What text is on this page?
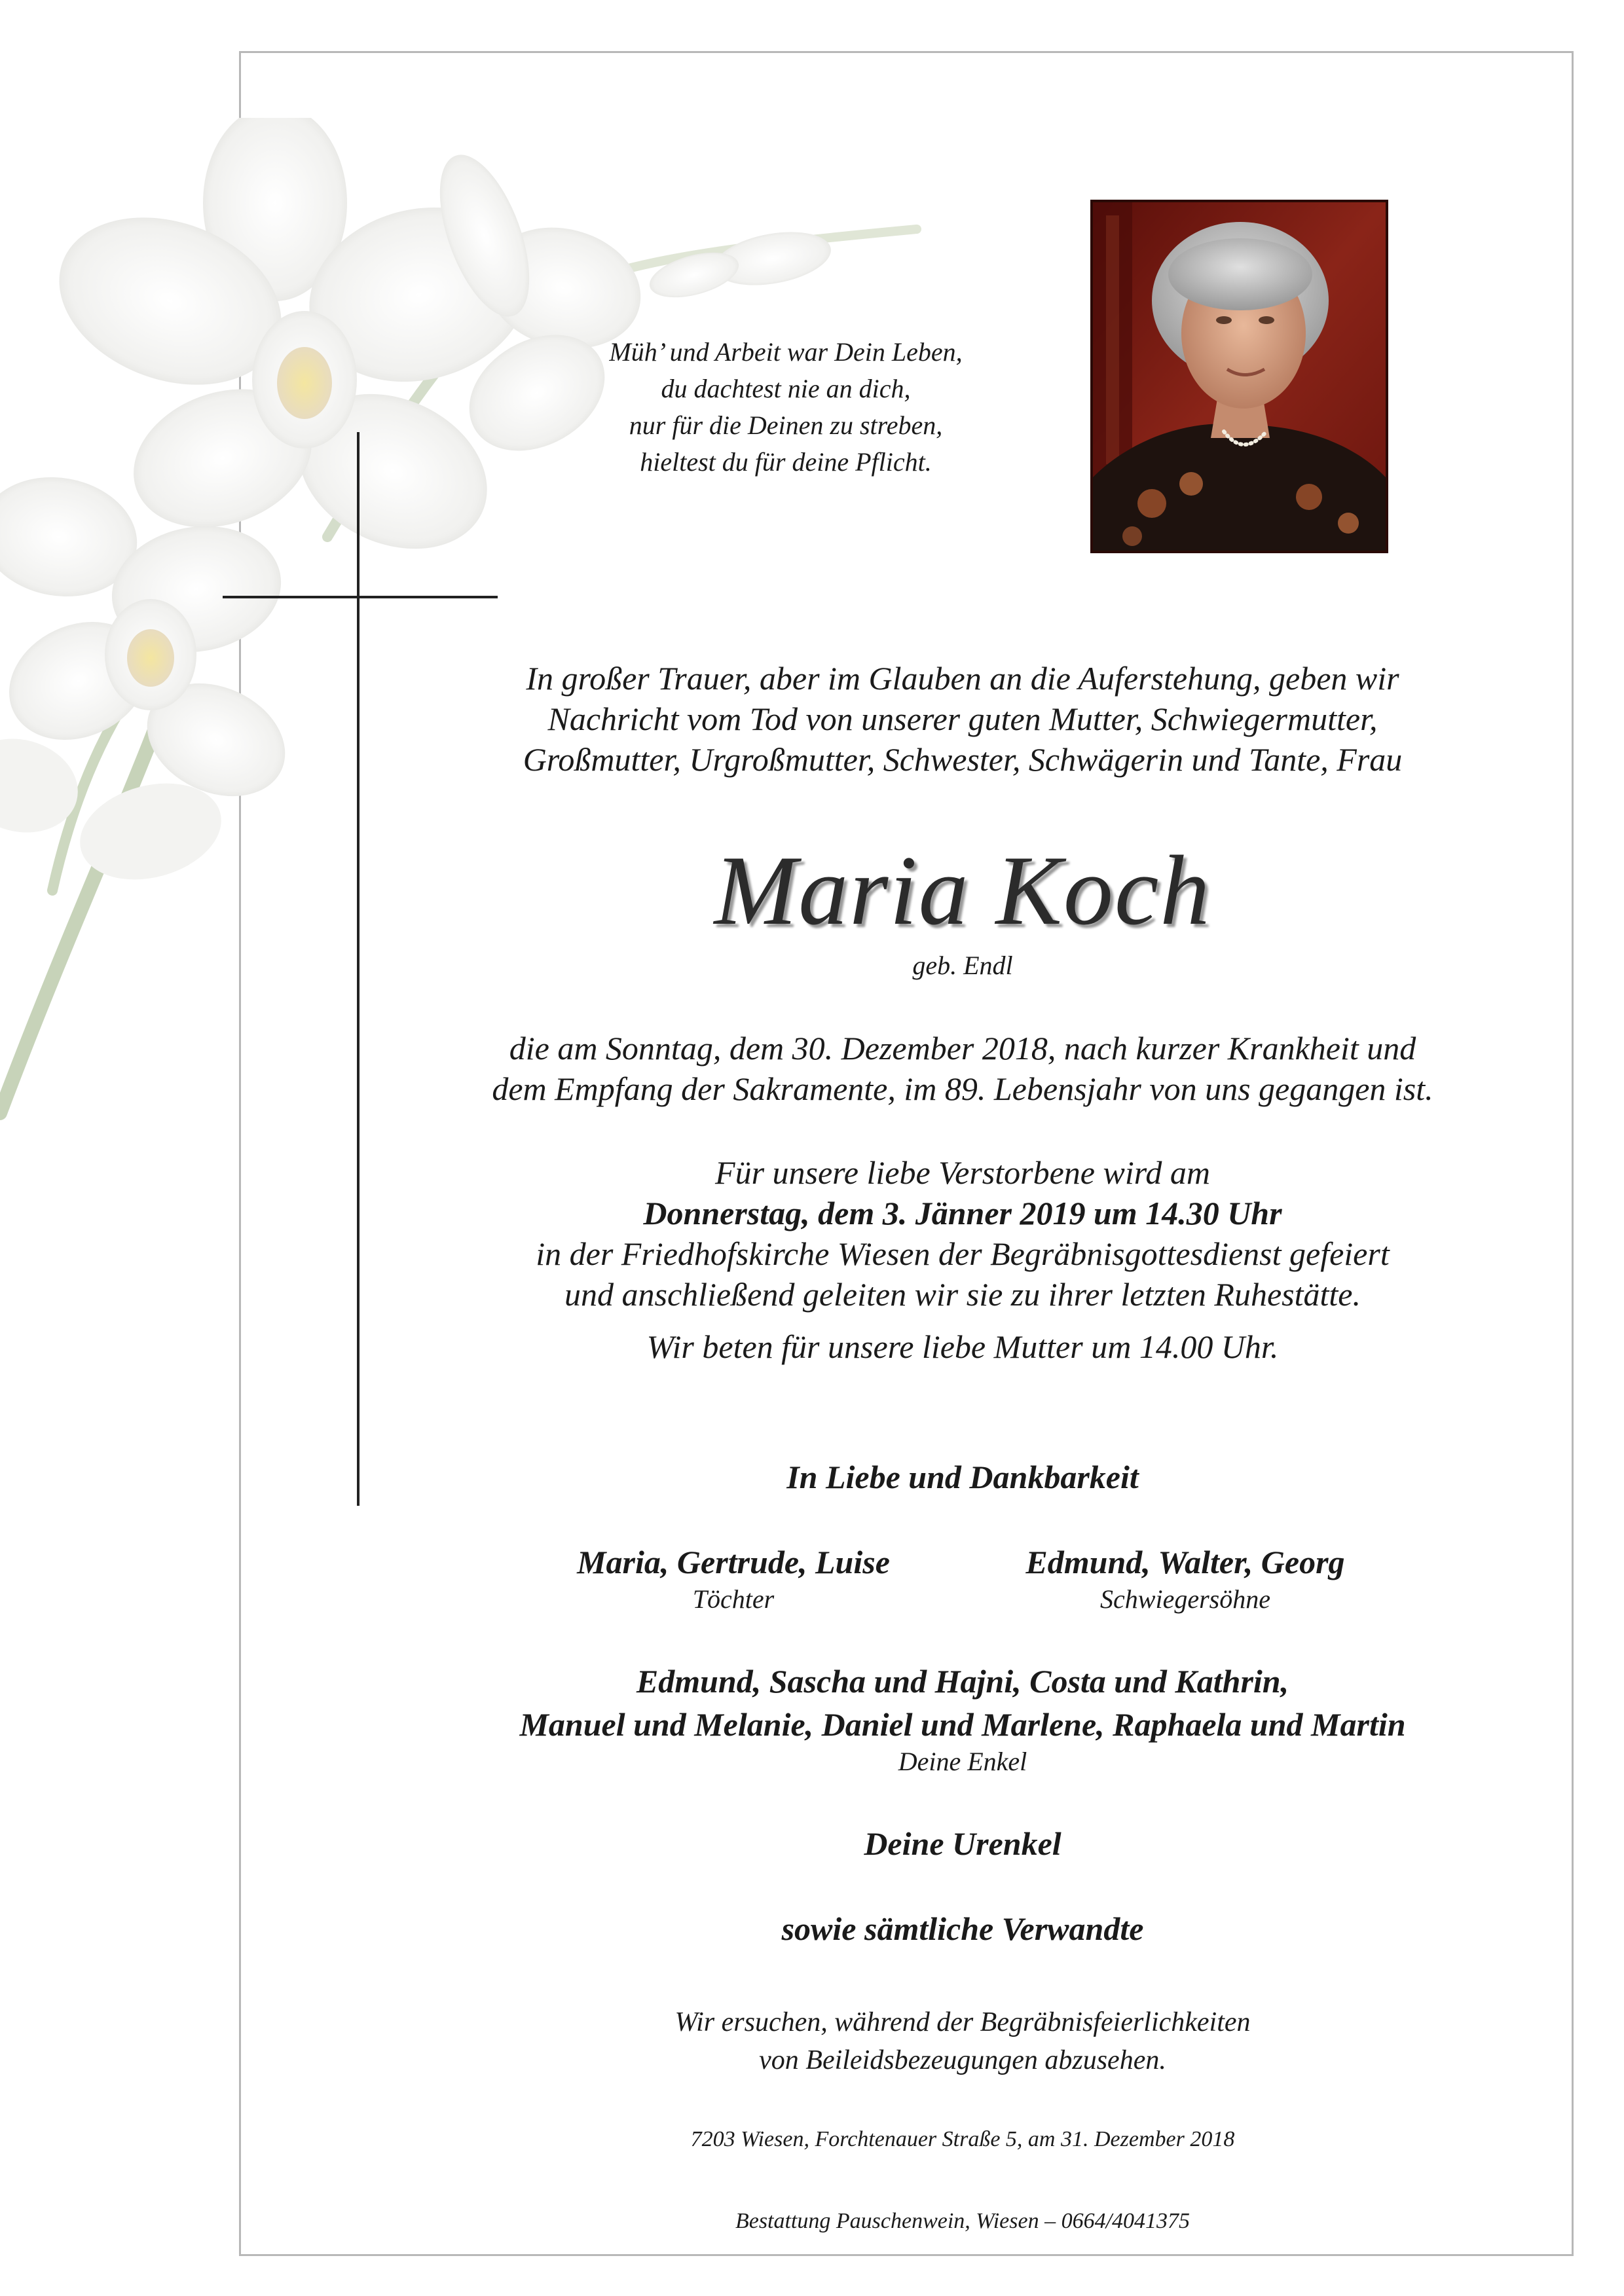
Müh’ und Arbeit war Dein Leben,
du dachtest nie an dich,
nur für die Deinen zu streben,
hieltest du für deine Pflicht.
In großer Trauer, aber im Glauben an die Auferstehung, geben wir
Nachricht vom Tod von unserer guten Mutter, Schwiegermutter,
Großmutter, Urgroßmutter, Schwester, Schwägerin und Tante, Frau
Maria Koch
geb. Endl
die am Sonntag, dem 30. Dezember 2018, nach kurzer Krankheit und
dem Empfang der Sakramente, im 89. Lebensjahr von uns gegangen ist.
Für unsere liebe Verstorbene wird am
Donnerstag, dem 3. Jänner 2019 um 14.30 Uhr
in der Friedhofskirche Wiesen der Begräbnisgottesdienst gefeiert
und anschließend geleiten wir sie zu ihrer letzten Ruhestätte.
Wir beten für unsere liebe Mutter um 14.00 Uhr.
In Liebe und Dankbarkeit
Maria, Gertrude, Luise
Töchter
Edmund, Walter, Georg
Schwiegersöhne
Edmund, Sascha und Hajni, Costa und Kathrin,
Manuel und Melanie, Daniel und Marlene, Raphaela und Martin
Deine Enkel
Deine Urenkel
sowie sämtliche Verwandte
Wir ersuchen, während der Begräbnisfeierlichkeiten
von Beileidsbezeugungen abzusehen.
7203 Wiesen, Forchtenauer Straße 5, am 31. Dezember 2018
Bestattung Pauschenwein, Wiesen – 0664/4041375
